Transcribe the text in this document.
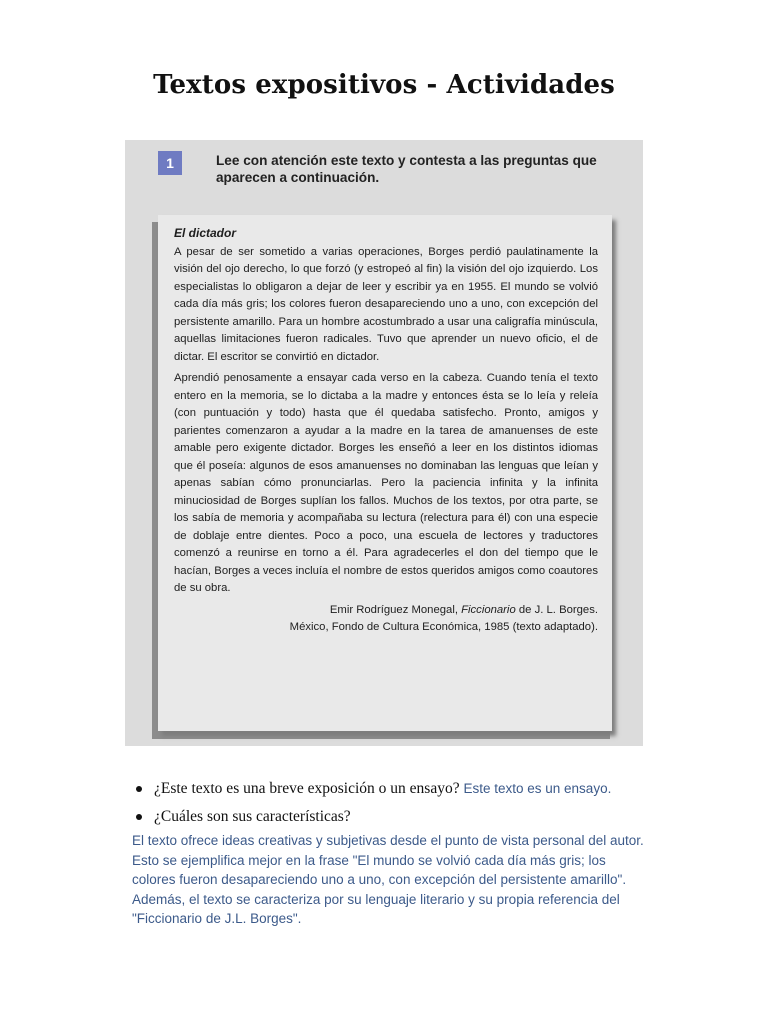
Textos expositivos - Actividades
1	Lee con atención este texto y contesta a las preguntas que aparecen a continuación.
El dictador

A pesar de ser sometido a varias operaciones, Borges perdió paulatinamente la visión del ojo derecho, lo que forzó (y estropeó al fin) la visión del ojo izquierdo. Los especialistas lo obligaron a dejar de leer y escribir ya en 1955. El mundo se volvió cada día más gris; los colores fueron desapareciendo uno a uno, con excepción del persistente amarillo. Para un hombre acostumbrado a usar una caligrafía minúscula, aquellas limitaciones fueron radicales. Tuvo que aprender un nuevo oficio, el de dictar. El escritor se convirtió en dictador.

Aprendió penosamente a ensayar cada verso en la cabeza. Cuando tenía el texto entero en la memoria, se lo dictaba a la madre y entonces ésta se lo leía y releía (con puntuación y todo) hasta que él quedaba satisfecho. Pronto, amigos y parientes comenzaron a ayudar a la madre en la tarea de amanuenses de este amable pero exigente dictador. Borges les enseñó a leer en los distintos idiomas que él poseía: algunos de esos amanuenses no dominaban las lenguas que leían y apenas sabían cómo pronunciarlas. Pero la paciencia infinita y la infinita minuciosidad de Borges suplían los fallos. Muchos de los textos, por otra parte, se los sabía de memoria y acompañaba su lectura (relectura para él) con una especie de doblaje entre dientes. Poco a poco, una escuela de lectores y traductores comenzó a reunirse en torno a él. Para agradecerles el don del tiempo que le hacían, Borges a veces incluía el nombre de estos queridos amigos como coautores de su obra.

Emir Rodríguez Monegal, Ficcionario de J. L. Borges.
México, Fondo de Cultura Económica, 1985 (texto adaptado).
¿Este texto es una breve exposición o un ensayo? Este texto es un ensayo.
¿Cuáles son sus características?
El texto ofrece ideas creativas y subjetivas desde el punto de vista personal del autor. Esto se ejemplifica mejor en la frase "El mundo se volvió cada día más gris; los colores fueron desapareciendo uno a uno, con excepción del persistente amarillo". Además, el texto se caracteriza por su lenguaje literario y su propia referencia del "Ficcionario de J.L. Borges".
